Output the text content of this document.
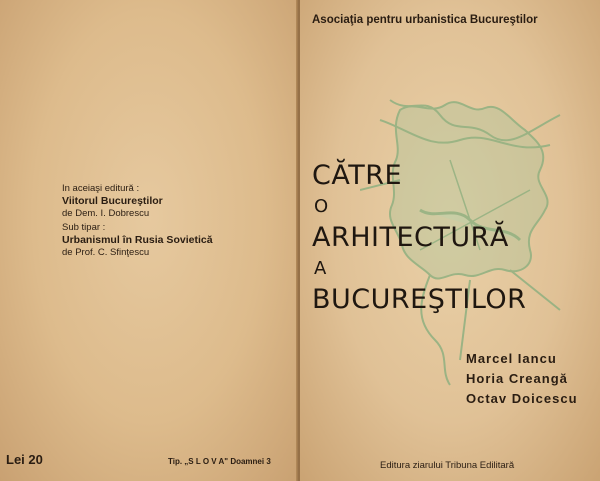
In aceiaşi editură :
Viitorul Bucureştilor
de Dem. I. Dobrescu
Sub tipar :
Urbanismul în Rusia Sovietică
de Prof. C. Sfinţescu
Lei 20	Tip. „S L O V A" Doamnei 3
Asociaţia pentru urbanistica Bucureştilor
CĂTRE
O
ARHITECTURĂ
A
BUCUREŞTILOR
Marcel Iancu
Horia Creangă
Octav Doicescu
Editura ziarului Tribuna Edilitară
